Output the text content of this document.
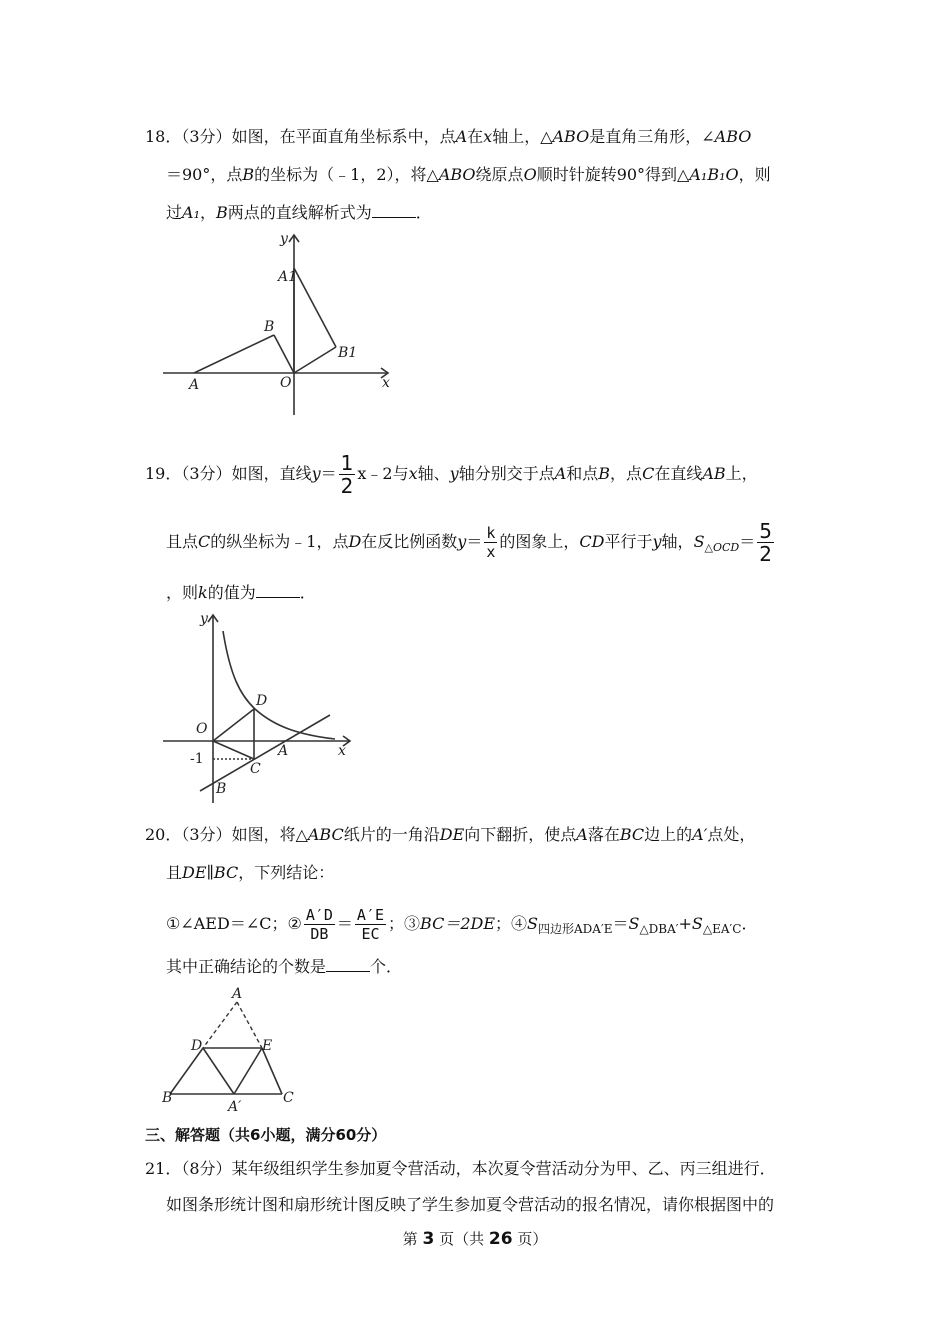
18．（3分）如图，在平面直角坐标系中，点A在x轴上，△ABO是直角三角形，∠ABO
＝90°，点B的坐标为（﹣1，2），将△ABO绕原点O顺时针旋转90°得到△A₁B₁O，则
过A₁，B两点的直线解析式为	．
y
x
A1
B
B1
A	O
19．（3分）如图，直线$y= \frac{1}{2}$ x﹣2与x轴、y轴分别交于点A和点B，点C在直线AB上，
且点C的纵坐标为﹣1，点D在反比例函数$y= \frac{k}{x}$ 的图象上，CD平行于y轴，$S_{\triangle OCD}= \frac{5}{2}$
，则k的值为	．
y
x
O
D
A
C
B
-1
20．（3分）如图，将△ABC纸片的一角沿DE向下翻折，使点A落在BC边上的A′点处，
且DE∥BC，下列结论：
①∠AED＝∠C；② $\frac{A'D}{DB} = \frac{A'E}{EC}$ ；③BC＝2DE；$④S_{四边形ADA'E}=S_{\triangle DBA'}+S_{\triangle EA'C}$．
其中正确结论的个数是	个．
A
D	E
B
A′
C
三、解答题（共6小题，满分60分）
21．（8分）某年级组织学生参加夏令营活动，本次夏令营活动分为甲、乙、丙三组进行．
如图条形统计图和扇形统计图反映了学生参加夏令营活动的报名情况，请你根据图中的
第 3 页（共 26 页）
